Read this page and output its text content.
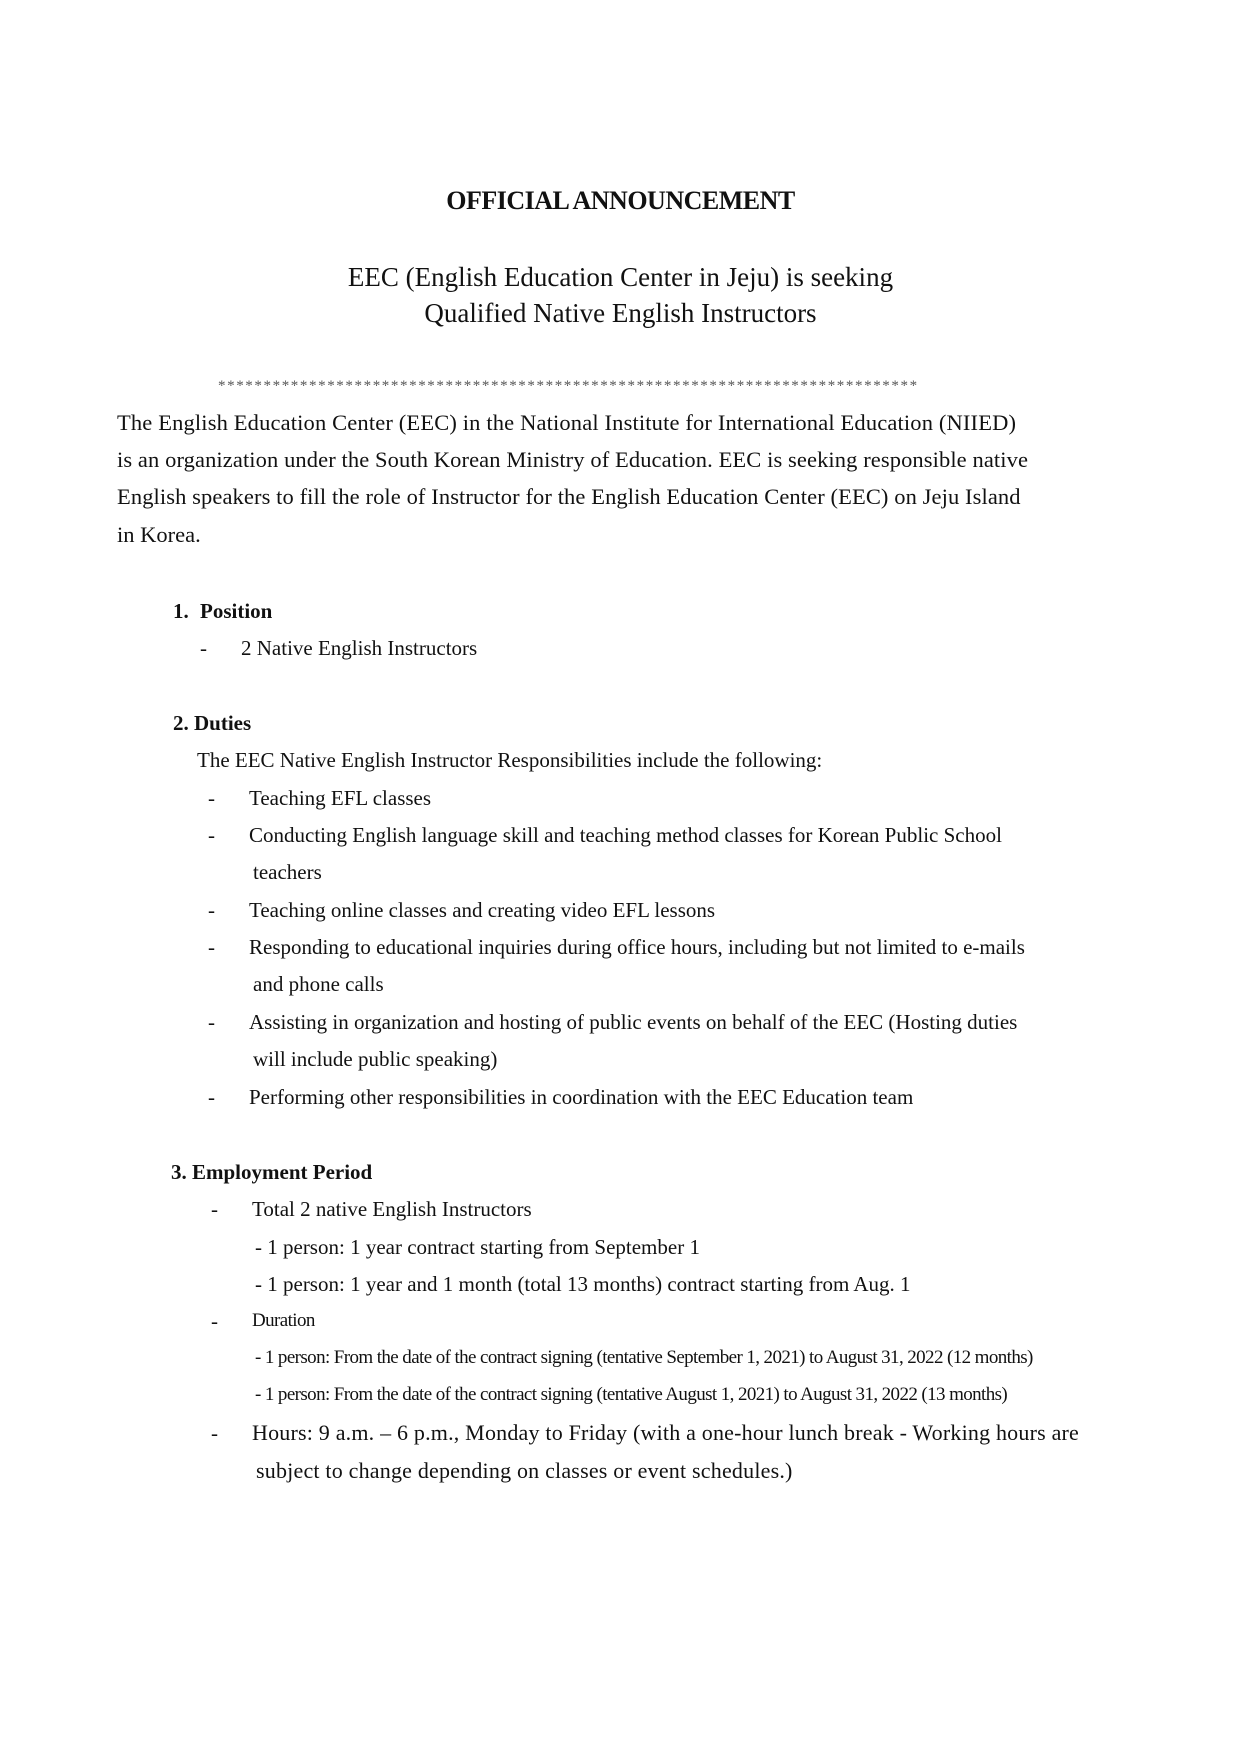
OFFICIAL ANNOUNCEMENT
EEC (English Education Center in Jeju) is seeking
Qualified Native English Instructors
*****************************************************************************
The English Education Center (EEC) in the National Institute for International Education (NIIED)
is an organization under the South Korean Ministry of Education. EEC is seeking responsible native
English speakers to fill the role of Instructor for the English Education Center (EEC) on Jeju Island
in Korea.
1. Position
- 2 Native English Instructors
2. Duties
The EEC Native English Instructor Responsibilities include the following:
- Teaching EFL classes
- Conducting English language skill and teaching method classes for Korean Public School
teachers
- Teaching online classes and creating video EFL lessons
- Responding to educational inquiries during office hours, including but not limited to e-mails
and phone calls
- Assisting in organization and hosting of public events on behalf of the EEC (Hosting duties
will include public speaking)
- Performing other responsibilities in coordination with the EEC Education team
3. Employment Period
- Total 2 native English Instructors
- 1 person: 1 year contract starting from September 1
- 1 person: 1 year and 1 month (total 13 months) contract starting from Aug. 1
- Duration
- 1 person: From the date of the contract signing (tentative September 1, 2021) to August 31, 2022 (12 months)
- 1 person: From the date of the contract signing (tentative August 1, 2021) to August 31, 2022 (13 months)
- Hours: 9 a.m. – 6 p.m., Monday to Friday (with a one-hour lunch break - Working hours are
subject to change depending on classes or event schedules.)
